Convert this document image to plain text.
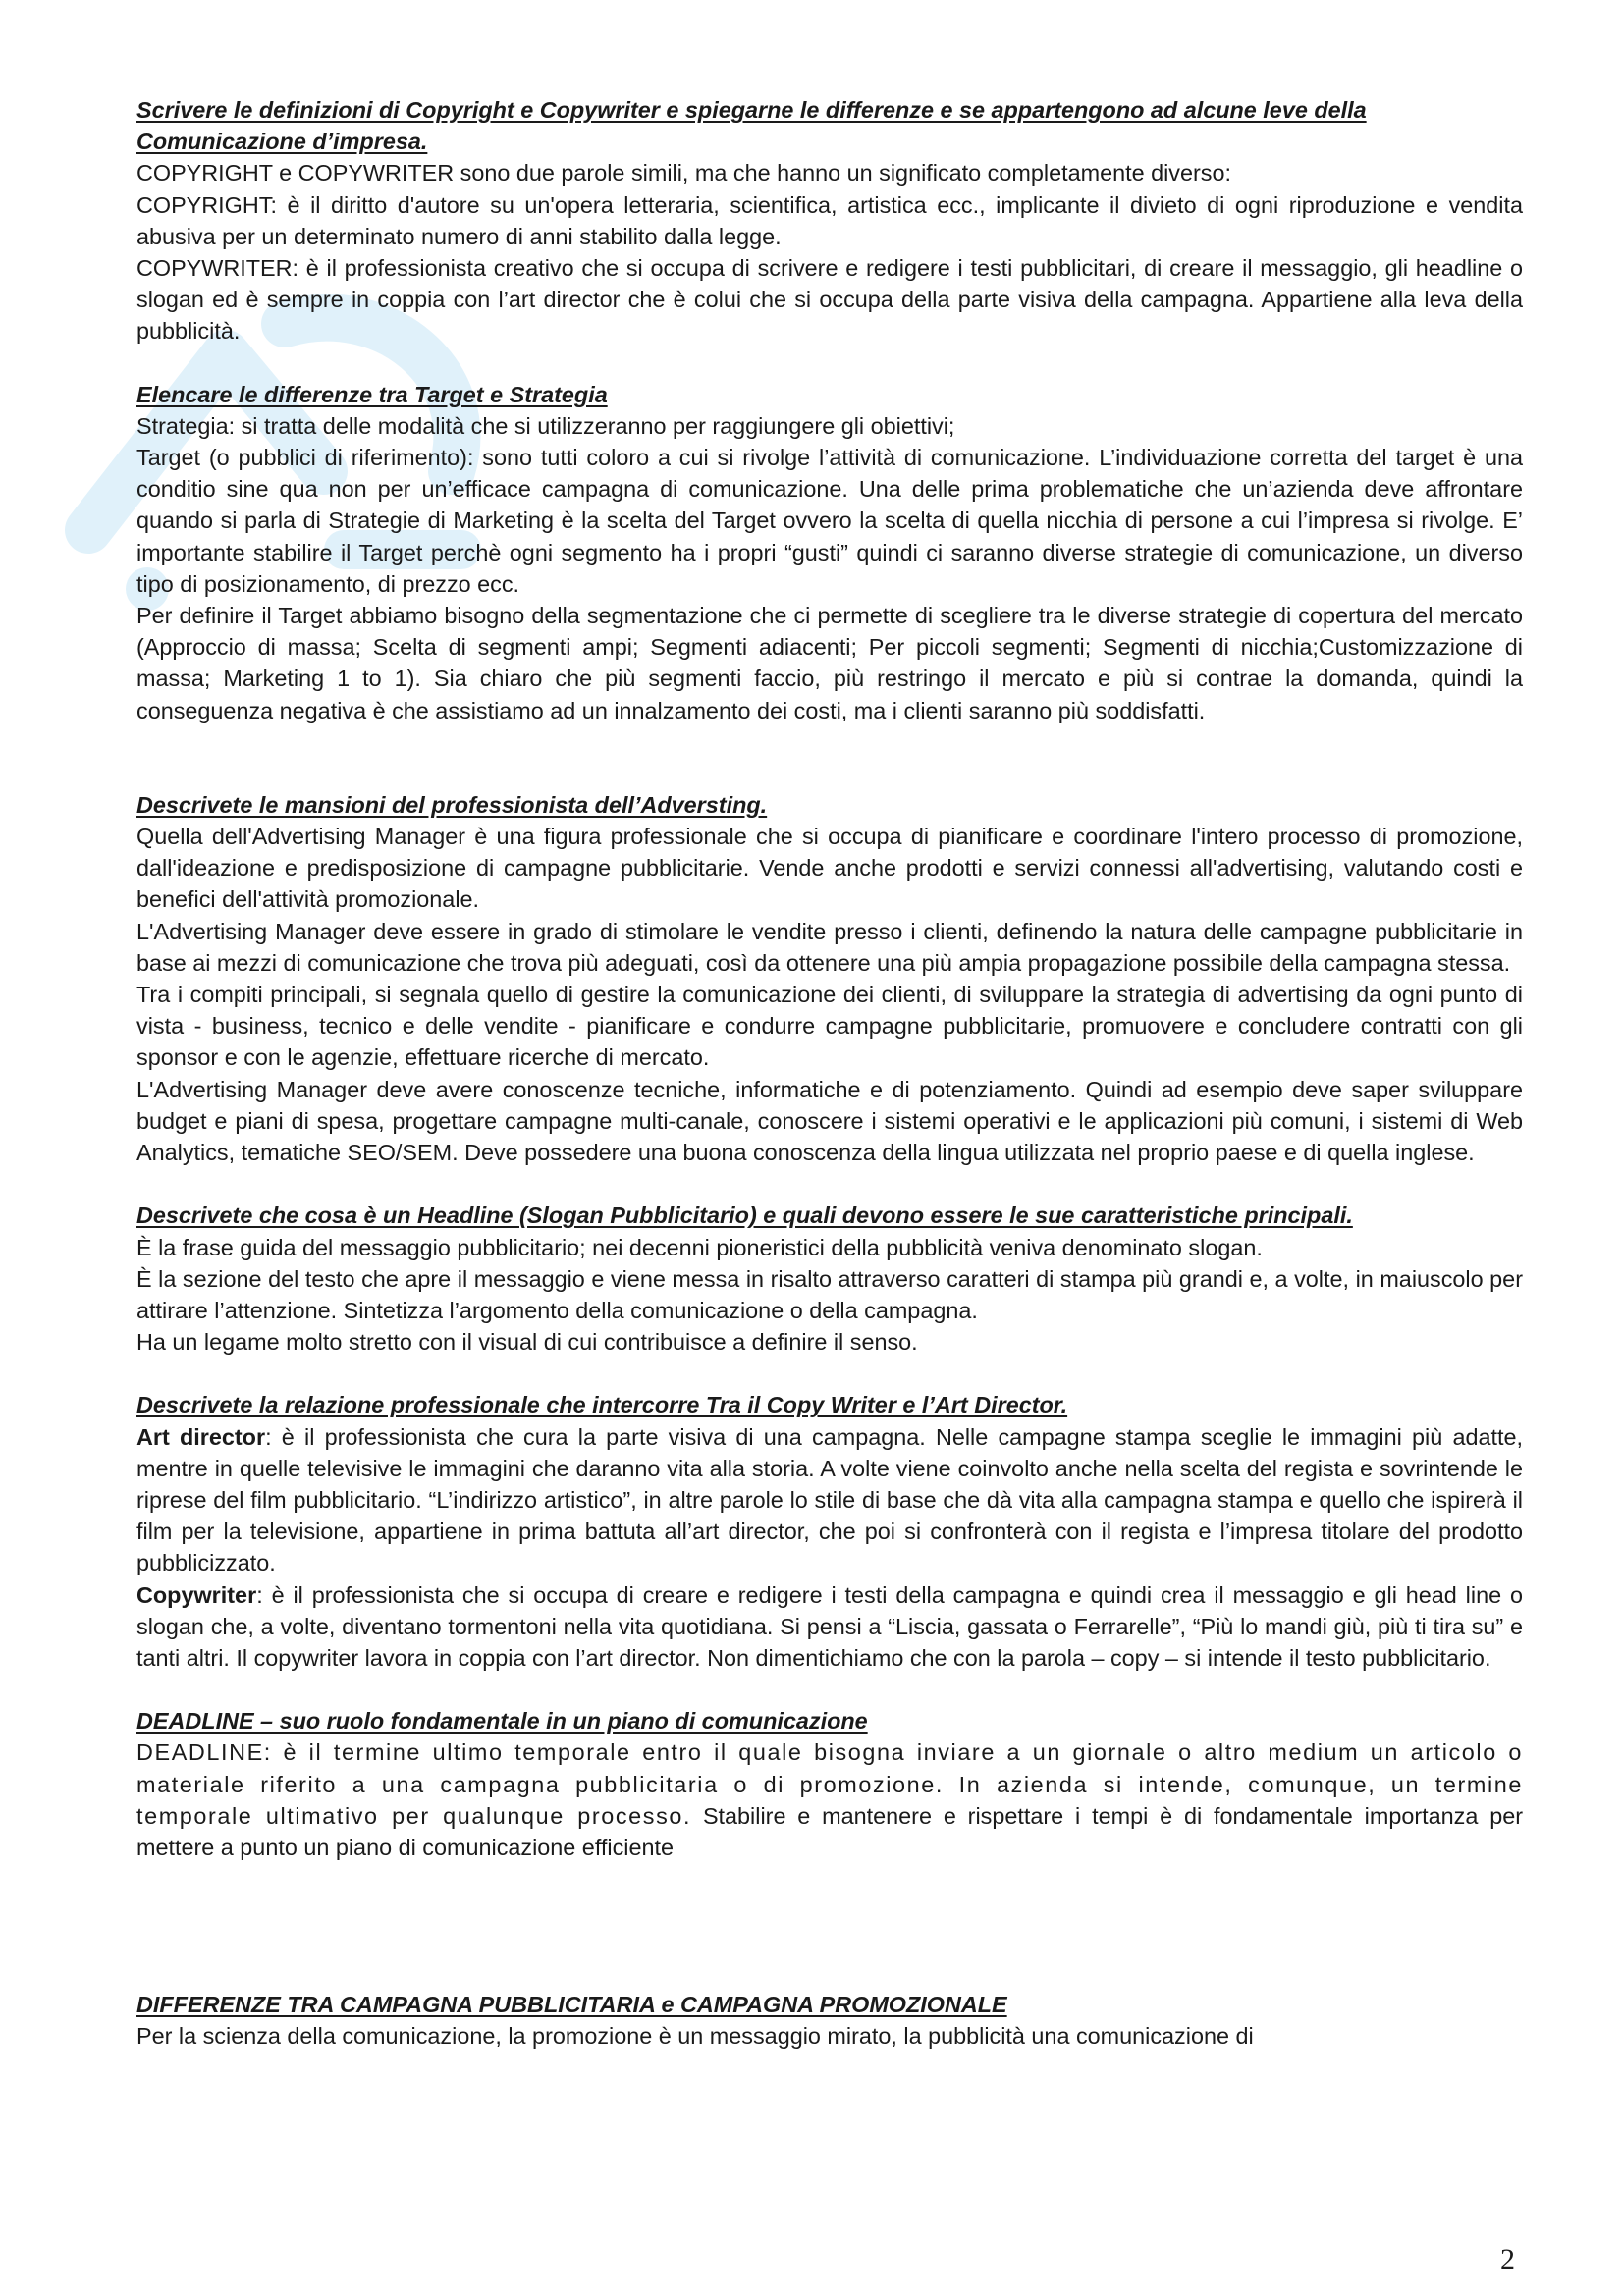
Scrivere le definizioni di Copyright e Copywriter e spiegarne le differenze e se appartengono ad alcune leve della Comunicazione d’impresa.

COPYRIGHT e COPYWRITER sono due parole simili, ma che hanno un significato completamente diverso:

COPYRIGHT: è il diritto d'autore su un'opera letteraria, scientifica, artistica ecc., implicante il divieto di ogni riproduzione e vendita abusiva per un determinato numero di anni stabilito dalla legge.

COPYWRITER: è il professionista creativo che si occupa di scrivere e redigere i testi pubblicitari, di creare il messaggio, gli headline o slogan ed è sempre in coppia con l’art director che è colui che si occupa della parte visiva della campagna. Appartiene alla leva della pubblicità.

Elencare le differenze tra Target e Strategia

Strategia: si tratta delle modalità che si utilizzeranno per raggiungere gli obiettivi;

Target (o pubblici di riferimento): sono tutti coloro a cui si rivolge l’attività di comunicazione. L’individuazione corretta del target è una conditio sine qua non per un’efficace campagna di comunicazione. Una delle prima problematiche che un’azienda deve affrontare quando si parla di Strategie di Marketing è la scelta del Target ovvero la scelta di quella nicchia di persone a cui l’impresa si rivolge. E’ importante stabilire il Target perchè ogni segmento ha i propri “gusti” quindi ci saranno diverse strategie di comunicazione, un diverso tipo di posizionamento, di prezzo ecc.

Per definire il Target abbiamo bisogno della segmentazione che ci permette di scegliere tra le diverse strategie di copertura del mercato (Approccio di massa; Scelta di segmenti ampi; Segmenti adiacenti; Per piccoli segmenti; Segmenti di nicchia;Customizzazione di massa; Marketing 1 to 1). Sia chiaro che più segmenti faccio, più restringo il mercato e più si contrae la domanda, quindi la conseguenza negativa è che assistiamo ad un innalzamento dei costi, ma i clienti saranno più soddisfatti.

Descrivete le mansioni del professionista dell’Adversting.

Quella dell'Advertising Manager è una figura professionale che si occupa di pianificare e coordinare l'intero processo di promozione, dall'ideazione e predisposizione di campagne pubblicitarie. Vende anche prodotti e servizi connessi all'advertising, valutando costi e benefici dell'attività promozionale.

L'Advertising Manager deve essere in grado di stimolare le vendite presso i clienti, definendo la natura delle campagne pubblicitarie in base ai mezzi di comunicazione che trova più adeguati, così da ottenere una più ampia propagazione possibile della campagna stessa.

Tra i compiti principali, si segnala quello di gestire la comunicazione dei clienti, di sviluppare la strategia di advertising da ogni punto di vista - business, tecnico e delle vendite - pianificare e condurre campagne pubblicitarie, promuovere e concludere contratti con gli sponsor e con le agenzie, effettuare ricerche di mercato.

L'Advertising Manager deve avere conoscenze tecniche, informatiche e di potenziamento. Quindi ad esempio deve saper sviluppare budget e piani di spesa, progettare campagne multi-canale, conoscere i sistemi operativi e le applicazioni più comuni, i sistemi di Web Analytics, tematiche SEO/SEM. Deve possedere una buona conoscenza della lingua utilizzata nel proprio paese e di quella inglese.

Descrivete che cosa è un Headline (Slogan Pubblicitario) e quali devono essere le sue caratteristiche principali.

È la frase guida del messaggio pubblicitario; nei decenni pioneristici della pubblicità veniva denominato slogan.

È la sezione del testo che apre il messaggio e viene messa in risalto attraverso caratteri di stampa più grandi e, a volte, in maiuscolo per attirare l’attenzione. Sintetizza l’argomento della comunicazione o della campagna.

Ha un legame molto stretto con il visual di cui contribuisce a definire il senso.

Descrivete la relazione professionale che intercorre Tra il Copy Writer e l’Art Director.

Art director: è il professionista che cura la parte visiva di una campagna. Nelle campagne stampa sceglie le immagini più adatte, mentre in quelle televisive le immagini che daranno vita alla storia. A volte viene coinvolto anche nella scelta del regista e sovrintende le riprese del film pubblicitario. “L’indirizzo artistico”, in altre parole lo stile di base che dà vita alla campagna stampa e quello che ispirerà il film per la televisione, appartiene in prima battuta all’art director, che poi si confronterà con il regista e l’impresa titolare del prodotto pubblicizzato.

Copywriter: è il professionista che si occupa di creare e redigere i testi della campagna e quindi crea il messaggio e gli head line o slogan che, a volte, diventano tormentoni nella vita quotidiana. Si pensi a “Liscia, gassata o Ferrarelle”, “Più lo mandi giù, più ti tira su” e tanti altri. Il copywriter lavora in coppia con l’art director. Non dimentichiamo che con la parola – copy – si intende il testo pubblicitario.

DEADLINE – suo ruolo fondamentale in un piano di comunicazione

DEADLINE: è il termine ultimo temporale entro il quale bisogna inviare a un giornale o altro medium un articolo o materiale riferito a una campagna pubblicitaria o di promozione. In azienda si intende, comunque, un termine temporale ultimativo per qualunque processo. Stabilire e mantenere e rispettare i tempi è di fondamentale importanza per mettere a punto un piano di comunicazione efficiente

DIFFERENZE TRA CAMPAGNA PUBBLICITARIA e CAMPAGNA PROMOZIONALE

Per la scienza della comunicazione, la promozione è un messaggio mirato, la pubblicità una comunicazione di

2
